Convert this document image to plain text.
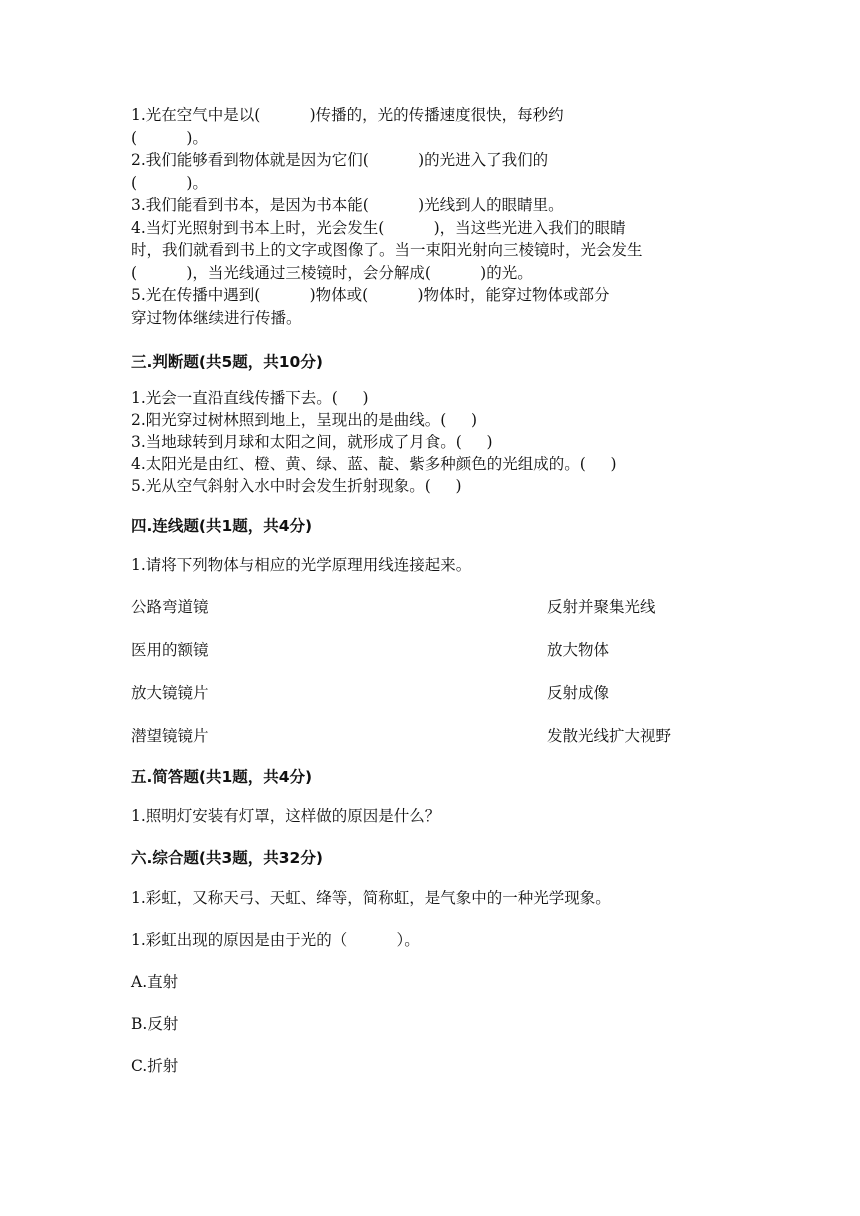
1.光在空气中是以(          )传播的，光的传播速度很快，每秒约

(          )。

2.我们能够看到物体就是因为它们(          )的光进入了我们的

(          )。

3.我们能看到书本，是因为书本能(          )光线到人的眼睛里。

4.当灯光照射到书本上时，光会发生(          )，当这些光进入我们的眼睛

时，我们就看到书上的文字或图像了。当一束阳光射向三棱镜时，光会发生

(          )，当光线通过三棱镜时，会分解成(          )的光。

5.光在传播中遇到(          )物体或(          )物体时，能穿过物体或部分

穿过物体继续进行传播。

三.判断题(共5题，共10分)

1.光会一直沿直线传播下去。(     )

2.阳光穿过树林照到地上，呈现出的是曲线。(     )

3.当地球转到月球和太阳之间，就形成了月食。(     )

4.太阳光是由红、橙、黄、绿、蓝、靛、紫多种颜色的光组成的。(     )

5.光从空气斜射入水中时会发生折射现象。(     )

四.连线题(共1题，共4分)
1.请将下列物体与相应的光学原理用线连接起来。
公路弯道镜	反射并聚集光线
医用的额镜	放大物体
放大镜镜片	反射成像
潜望镜镜片	发散光线扩大视野
五.简答题(共1题，共4分)
1.照明灯安装有灯罩，这样做的原因是什么？
六.综合题(共3题，共32分)
1.彩虹，又称天弓、天虹、绛等，简称虹，是气象中的一种光学现象。
1.彩虹出现的原因是由于光的（          ）。
A.直射
B.反射
C.折射
